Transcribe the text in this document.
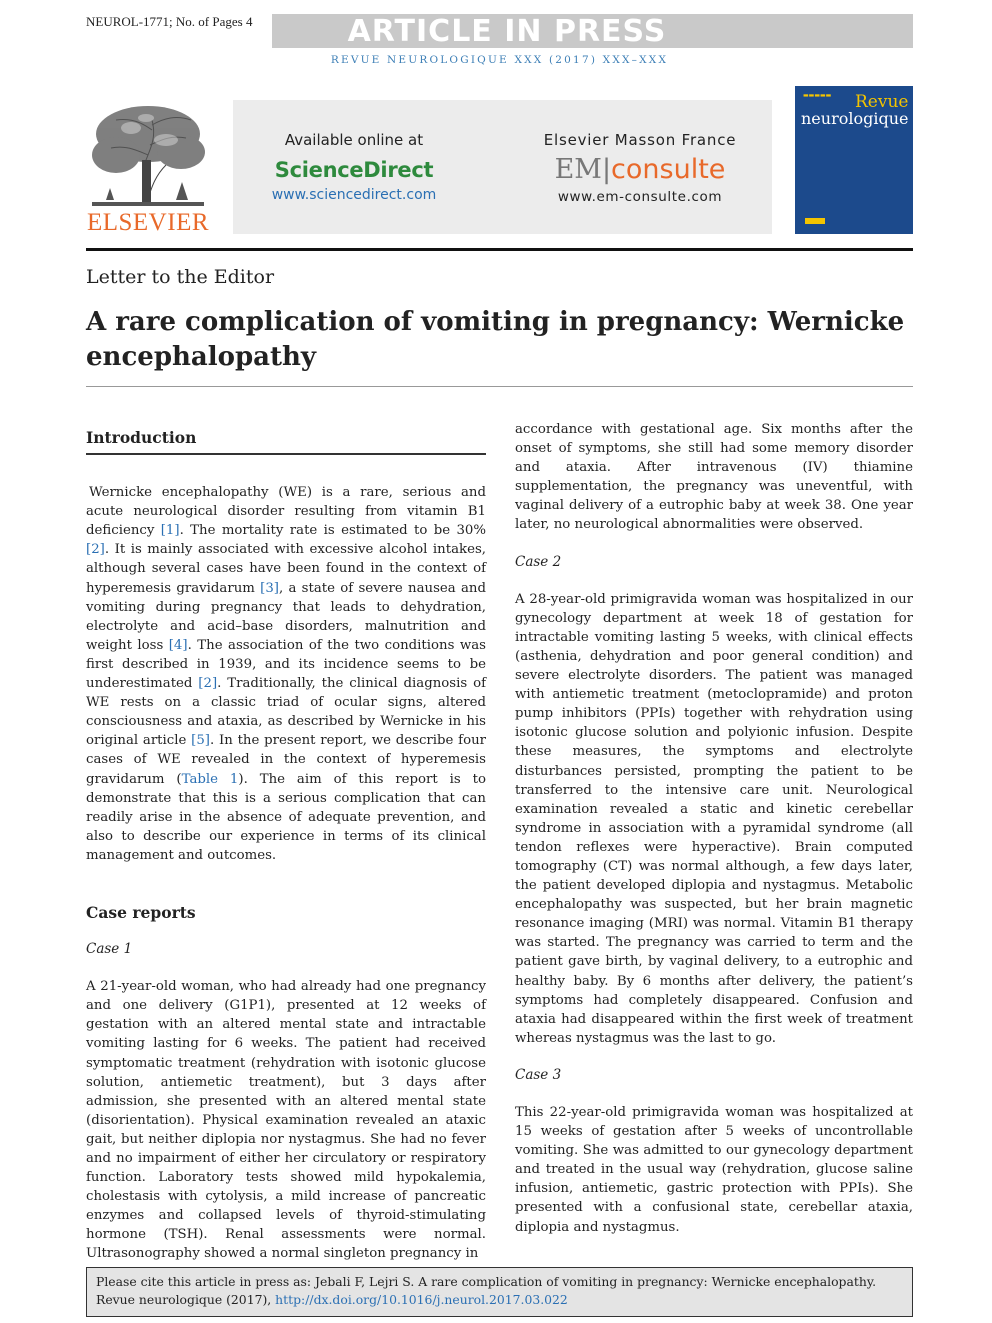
NEUROL-1771; No. of Pages 4	ARTICLE IN PRESS
REVUE NEUROLOGIQUE XXX (2017) XXX–XXX
ELSEVIER
Available online at
ScienceDirect
www.sciencedirect.com
Elsevier Masson France
EM|consulte
www.em-consulte.com
▬▬▬▬▬ Revue
neurologique
Letter to the Editor
A rare complication of vomiting in pregnancy: Wernicke encephalopathy
Introduction

Wernicke encephalopathy (WE) is a rare, serious and acute neurological disorder resulting from vitamin B1 deficiency [1]. The mortality rate is estimated to be 30% [2]. It is mainly associated with excessive alcohol intakes, although several cases have been found in the context of hyperemesis gravidarum [3], a state of severe nausea and vomiting during pregnancy that leads to dehydration, electrolyte and acid–base disorders, malnutrition and weight loss [4]. The association of the two conditions was first described in 1939, and its incidence seems to be underestimated [2]. Traditionally, the clinical diagnosis of WE rests on a classic triad of ocular signs, altered consciousness and ataxia, as described by Wernicke in his original article [5]. In the present report, we describe four cases of WE revealed in the context of hyperemesis gravidarum (Table 1). The aim of this report is to demonstrate that this is a serious complication that can readily arise in the absence of adequate prevention, and also to describe our experience in terms of its clinical management and outcomes.

Case reports
Case 1

A 21-year-old woman, who had already had one pregnancy and one delivery (G1P1), presented at 12 weeks of gestation with an altered mental state and intractable vomiting lasting for 6 weeks. The patient had received symptomatic treatment (rehydration with isotonic glucose solution, antiemetic treatment), but 3 days after admission, she presented with an altered mental state (disorientation). Physical examination revealed an ataxic gait, but neither diplopia nor nystagmus. She had no fever and no impairment of either her circulatory or respiratory function. Laboratory tests showed mild hypokalemia, cholestasis with cytolysis, a mild increase of pancreatic enzymes and collapsed levels of thyroid-stimulating hormone (TSH). Renal assessments were normal. Ultrasonography showed a normal singleton pregnancy in

accordance with gestational age. Six months after the onset of symptoms, she still had some memory disorder and ataxia. After intravenous (IV) thiamine supplementation, the pregnancy was uneventful, with vaginal delivery of a eutrophic baby at week 38. One year later, no neurological abnormalities were observed.

Case 2

A 28-year-old primigravida woman was hospitalized in our gynecology department at week 18 of gestation for intractable vomiting lasting 5 weeks, with clinical effects (asthenia, dehydration and poor general condition) and severe electrolyte disorders. The patient was managed with antiemetic treatment (metoclopramide) and proton pump inhibitors (PPIs) together with rehydration using isotonic glucose solution and polyionic infusion. Despite these measures, the symptoms and electrolyte disturbances persisted, prompting the patient to be transferred to the intensive care unit. Neurological examination revealed a static and kinetic cerebellar syndrome in association with a pyramidal syndrome (all tendon reflexes were hyperactive). Brain computed tomography (CT) was normal although, a few days later, the patient developed diplopia and nystagmus. Metabolic encephalopathy was suspected, but her brain magnetic resonance imaging (MRI) was normal. Vitamin B1 therapy was started. The pregnancy was carried to term and the patient gave birth, by vaginal delivery, to a eutrophic and healthy baby. By 6 months after delivery, the patient’s symptoms had completely disappeared. Confusion and ataxia had disappeared within the first week of treatment whereas nystagmus was the last to go.

Case 3

This 22-year-old primigravida woman was hospitalized at 15 weeks of gestation after 5 weeks of uncontrollable vomiting. She was admitted to our gynecology department and treated in the usual way (rehydration, glucose saline infusion, antiemetic, gastric protection with PPIs). She presented with a confusional state, cerebellar ataxia, diplopia and nystagmus.

Please cite this article in press as: Jebali F, Lejri S. A rare complication of vomiting in pregnancy: Wernicke encephalopathy. Revue neurologique (2017), http://dx.doi.org/10.1016/j.neurol.2017.03.022
